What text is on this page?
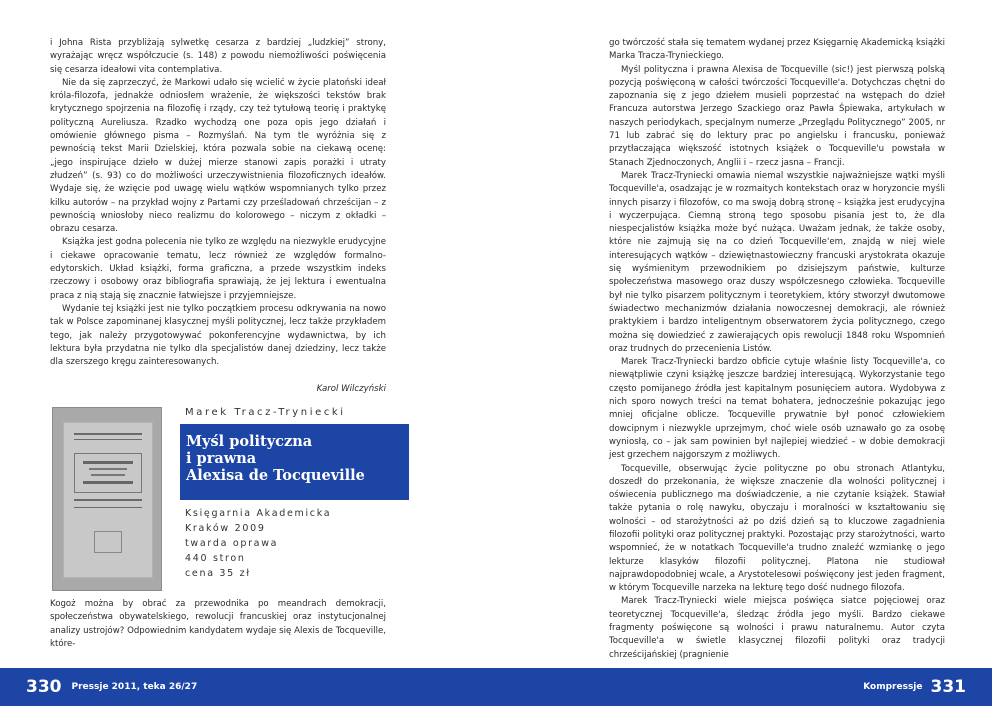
i Johna Rista przybliżają sylwetkę cesarza z bardziej „ludzkiej” strony, wyrażając wręcz współczucie (s. 148) z powodu niemożliwości poświęcenia się cesarza ideałowi vita contemplativa.

Nie da się zaprzeczyć, że Markowi udało się wcielić w życie platoński ideał króla-filozofa, jednakże odniosłem wrażenie, że większości tekstów brak krytycznego spojrzenia na filozofię i rządy, czy też tytułową teorię i praktykę polityczną Aureliusza. Rzadko wychodzą one poza opis jego działań i omówienie głównego pisma – Rozmyślań. Na tym tle wyróżnia się z pewnością tekst Marii Dzielskiej, która pozwala sobie na ciekawą ocenę: „jego inspirujące dzieło w dużej mierze stanowi zapis porażki i utraty złudzeń” (s. 93) co do możliwości urzeczywistnienia filozoficznych ideałów. Wydaje się, że wzięcie pod uwagę wielu wątków wspomnianych tylko przez kilku autorów – na przykład wojny z Partami czy prześladowań chrześcijan – z pewnością wniosłoby nieco realizmu do kolorowego – niczym z okładki – obrazu cesarza.

Książka jest godna polecenia nie tylko ze względu na niezwykle erudycyjne i ciekawe opracowanie tematu, lecz również ze względów formalno-edytorskich. Układ książki, forma graficzna, a przede wszystkim indeks rzeczowy i osobowy oraz bibliografia sprawiają, że jej lektura i ewentualna praca z nią stają się znacznie łatwiejsze i przyjemniejsze.

Wydanie tej książki jest nie tylko początkiem procesu odkrywania na nowo tak w Polsce zapominanej klasycznej myśli politycznej, lecz także przykładem tego, jak należy przygotowywać pokonferencyjne wydawnictwa, by ich lektura była przydatna nie tylko dla specjalistów danej dziedziny, lecz także dla szerszego kręgu zainteresowanych.

Karol Wilczyński

Marek Tracz-Tryniecki
Myśl polityczna
i prawna
Alexisa de Tocqueville
Księgarnia Akademicka
Kraków 2009
twarda oprawa
440 stron
cena 35 zł

Kogoż można by obrać za przewodnika po meandrach demokracji, społeczeństwa obywatelskiego, rewolucji francuskiej oraz instytucjonalnej analizy ustrojów? Odpowiednim kandydatem wydaje się Alexis de Tocqueville, które-

go twórczość stała się tematem wydanej przez Księgarnię Akademicką książki Marka Tracza-Trynieckiego.

Myśl polityczna i prawna Alexisa de Tocqueville (sic!) jest pierwszą polską pozycją poświęconą w całości twórczości Tocqueville'a. Dotychczas chętni do zapoznania się z jego dziełem musieli poprzestać na wstępach do dzieł Francuza autorstwa Jerzego Szackiego oraz Pawła Śpiewaka, artykułach w naszych periodykach, specjalnym numerze „Przeglądu Politycznego” 2005, nr 71 lub zabrać się do lektury prac po angielsku i francusku, ponieważ przytłaczająca większość istotnych książek o Tocqueville'u powstała w Stanach Zjednoczonych, Anglii i – rzecz jasna – Francji.

Marek Tracz-Tryniecki omawia niemal wszystkie najważniejsze wątki myśli Tocqueville'a, osadzając je w rozmaitych kontekstach oraz w horyzoncie myśli innych pisarzy i filozofów, co ma swoją dobrą stronę – książka jest erudycyjna i wyczerpująca. Ciemną stroną tego sposobu pisania jest to, że dla niespecjalistów książka może być nużąca. Uważam jednak, że także osoby, które nie zajmują się na co dzień Tocqueville'em, znajdą w niej wiele interesujących wątków – dziewiętnastowieczny francuski arystokrata okazuje się wyśmienitym przewodnikiem po dzisiejszym państwie, kulturze społeczeństwa masowego oraz duszy współczesnego człowieka. Tocqueville był nie tylko pisarzem politycznym i teoretykiem, który stworzył dwutomowe świadectwo mechanizmów działania nowoczesnej demokracji, ale również praktykiem i bardzo inteligentnym obserwatorem życia politycznego, czego można się dowiedzieć z zawierających opis rewolucji 1848 roku Wspomnień oraz trudnych do przecenienia Listów.

Marek Tracz-Tryniecki bardzo obficie cytuje właśnie listy Tocqueville'a, co niewątpliwie czyni książkę jeszcze bardziej interesującą. Wykorzystanie tego często pomijanego źródła jest kapitalnym posunięciem autora. Wydobywa z nich sporo nowych treści na temat bohatera, jednocześnie pokazując jego mniej oficjalne oblicze. Tocqueville prywatnie był ponoć człowiekiem dowcipnym i niezwykle uprzejmym, choć wiele osób uznawało go za osobę wyniosłą, co – jak sam powinien był najlepiej wiedzieć – w dobie demokracji jest grzechem najgorszym z możliwych.

Tocqueville, obserwując życie polityczne po obu stronach Atlantyku, doszedł do przekonania, że większe znaczenie dla wolności politycznej i oświecenia publicznego ma doświadczenie, a nie czytanie książek. Stawiał także pytania o rolę nawyku, obyczaju i moralności w kształtowaniu się wolności – od starożytności aż po dziś dzień są to kluczowe zagadnienia filozofii polityki oraz politycznej praktyki. Pozostając przy starożytności, warto wspomnieć, że w notatkach Tocqueville'a trudno znaleźć wzmiankę o jego lekturze klasyków filozofii politycznej. Platona nie studiował najprawdopodobniej wcale, a Arystotelesowi poświęcony jest jeden fragment, w którym Tocqueville narzeka na lekturę tego dość nudnego filozofa.

Marek Tracz-Tryniecki wiele miejsca poświęca siatce pojęciowej oraz teoretycznej Tocqueville'a, śledząc źródła jego myśli. Bardzo ciekawe fragmenty poświęcone są wolności i prawu naturalnemu. Autor czyta Tocqueville'a w świetle klasycznej filozofii polityki oraz tradycji chrześcijańskiej (pragnienie

330 Pressje 2011, teka 26/27	Kompressje 331
